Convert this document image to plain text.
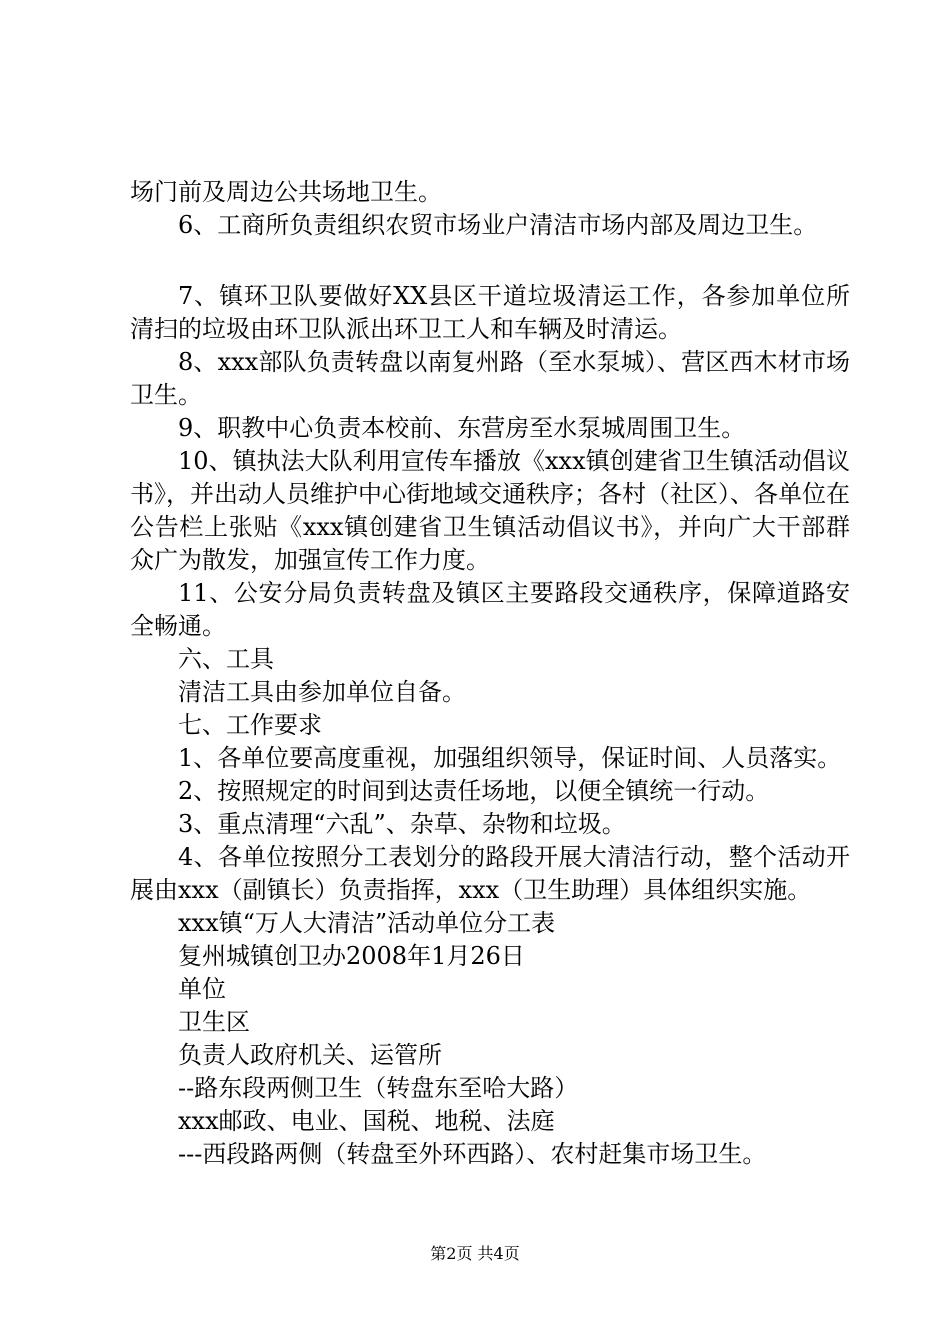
场门前及周边公共场地卫生。

6、工商所负责组织农贸市场业户清洁市场内部及周边卫生。

7、镇环卫队要做好XX县区干道垃圾清运工作，各参加单位所清扫的垃圾由环卫队派出环卫工人和车辆及时清运。

8、xxx部队负责转盘以南复州路（至水泵城）、营区西木材市场卫生。

9、职教中心负责本校前、东营房至水泵城周围卫生。

10、镇执法大队利用宣传车播放《xxx镇创建省卫生镇活动倡议书》，并出动人员维护中心街地域交通秩序；各村（社区）、各单位在公告栏上张贴《xxx镇创建省卫生镇活动倡议书》，并向广大干部群众广为散发，加强宣传工作力度。

11、公安分局负责转盘及镇区主要路段交通秩序，保障道路安全畅通。

六、工具

清洁工具由参加单位自备。

七、工作要求

1、各单位要高度重视，加强组织领导，保证时间、人员落实。

2、按照规定的时间到达责任场地，以便全镇统一行动。

3、重点清理“六乱”、杂草、杂物和垃圾。

4、各单位按照分工表划分的路段开展大清洁行动，整个活动开展由xxx（副镇长）负责指挥，xxx（卫生助理）具体组织实施。

xxx镇“万人大清洁”活动单位分工表

复州城镇创卫办2008年1月26日

单位

卫生区

负责人政府机关、运管所

--路东段两侧卫生（转盘东至哈大路）

xxx邮政、电业、国税、地税、法庭

---西段路两侧（转盘至外环西路）、农村赶集市场卫生。

第2页 共4页
